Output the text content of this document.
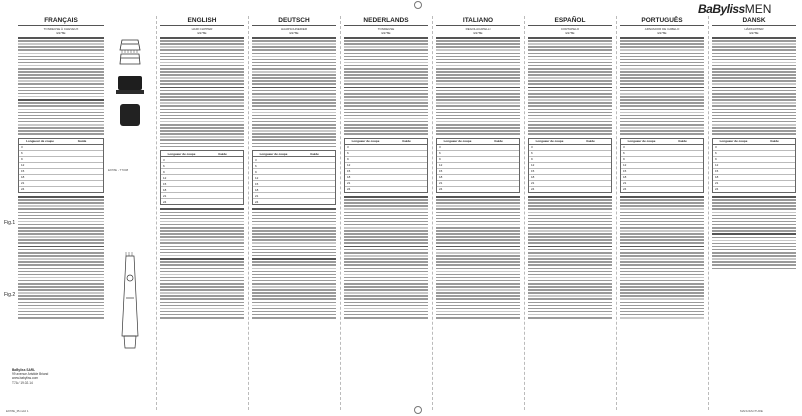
BaBylissMEN
FRANÇAIS
TONDEUSE À CHEVEUX
E978E
Longueur de coupe	Guide
3
6
9
12
15
18
21
24
Fig.1
Fig.2
E978E - T7008
BaByliss SARL
99 avenue Aristide Briand
www.babyliss.com
T7A / 19.02.14
ENGLISH
HAIR CLIPPER
E978E
Longueur de coupe	Guide
3
6
9
12
15
18
21
24
DEUTSCH
HAARSCHNEIDER
E978E
Longueur de coupe	Guide
3
6
9
12
15
18
21
24
NEDERLANDS
TONDEUSE
E978E
Longueur de coupe	Guide
3
6
9
12
15
18
21
24
ITALIANO
REGOLACAPELLI
E978E
Longueur de coupe	Guide
3
6
9
12
15
18
21
24
ESPAÑOL
CORTAPELO
E978E
Longueur de coupe	Guide
3
6
9
12
15
18
21
24
PORTUGUÊS
APARADOR DE CABELO
E978E
Longueur de coupe	Guide
3
6
9
12
15
18
21
24
DANSK
HÅRKLIPPER
E978E
Longueur de coupe	Guide
3
6
9
12
15
18
21
24
E978E_IB.indd 1	MANUFACTURE
